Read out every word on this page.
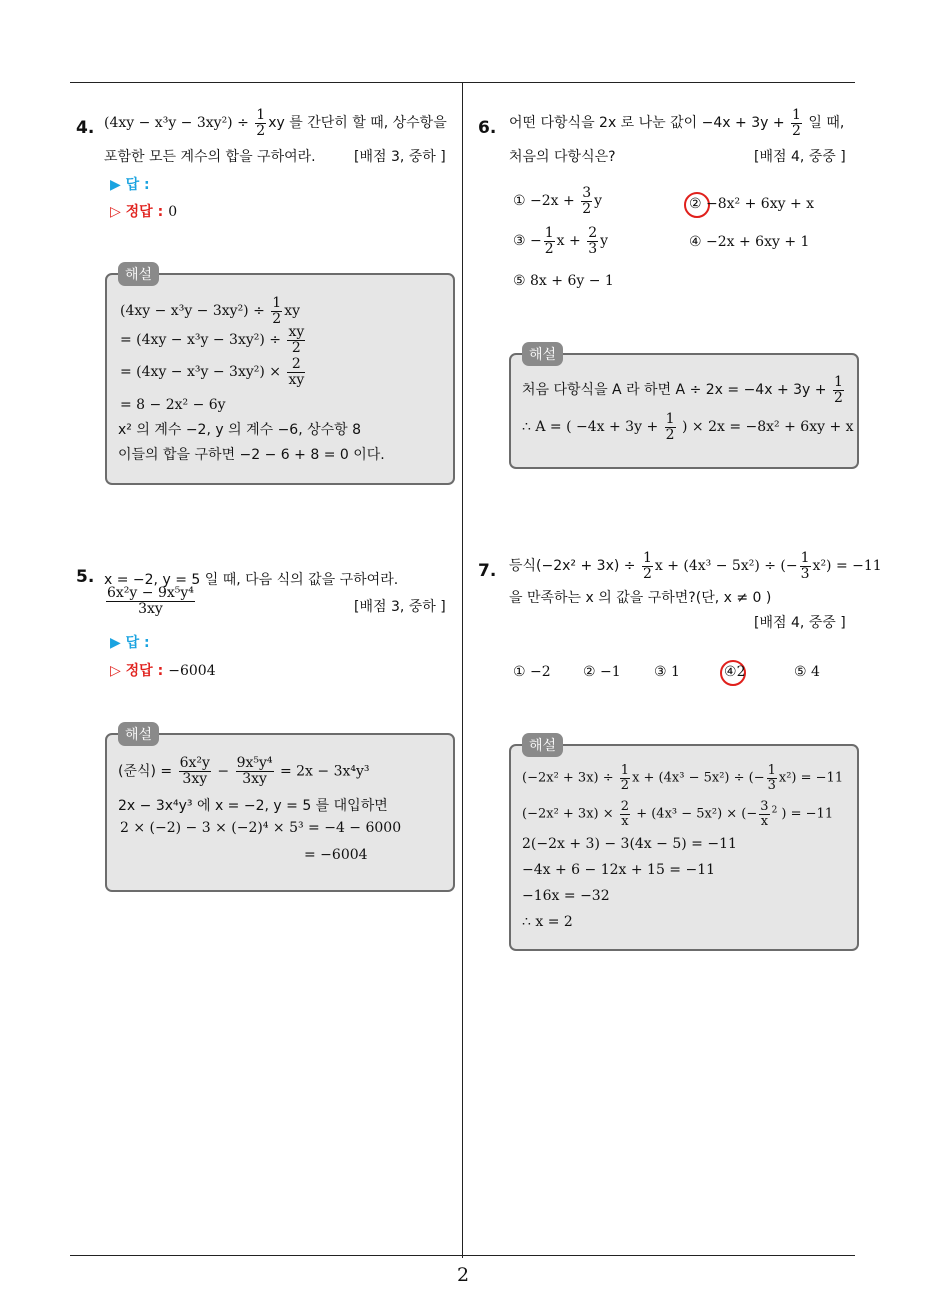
2
4. $(4xy - x^3y - 3xy^2) \div \frac{1}{2}$ xy 를 간단히 할 때, 상수항을
포함한 모든 계수의 합을 구하여라.	[배점 3, 중하 ]
▶ 답 :
▷ 정답 : 0
해설
$(4xy - x^3y - 3xy^2) \div \frac{1}{2}$ xy
= $(4xy - x^3y - 3xy^2) \div \frac{xy}{2}$
= $(4xy - x^3y - 3xy^2) \times \frac{2}{xy}$
= 8 − 2x² − 6y
x² 의 계수 −2, y 의 계수 −6, 상수항 8
이들의 합을 구하면 −2 − 6 + 8 = 0 이다.
5. x = −2, y = 5 일 때, 다음 식의 값을 구하여라.
$\frac{\text{6x²y − 9x⁵y⁴}}{3xy}$	[배점 3, 중하 ]
▶ 답 :
▷ 정답 : −6004
해설
(준식) = $\frac{\text{6x²y}}{3xy} - \frac{\text{9x⁵y⁴}}{3xy} = 2x - 3x^4y^3$
2x − 3x⁴y³ 에 x = −2, y = 5 를 대입하면
2 × (−2) − 3 × (−2)⁴ × 5³ = −4 − 6000
= −6004
6. 어떤 다항식을 2x 로 나눈 값이 $-4x + 3y + \frac{1}{2}$ 일 때,
처음의 다항식은?	[배점 4, 중중 ]
① $-2x + \frac{3}{2}$ y	② −8x² + 6xy + x
③ − $\frac{1}{2}$ $x + \frac{2}{3}$ y	④ −2x + 6xy + 1
⑤ 8x + 6y − 1
해설
처음 다항식을 A 라 하면 $A \div 2x = -4x + 3y + \frac{1}{2}$
∴ A = ( $-4x + 3y + \frac{1}{2}$ ) × 2x = −8x² + 6xy + x
7. 등식$(-2x^2 + 3x) \div \frac{1}{2}$ x + (4x³ − 5x²) ÷ (− $\frac{1}{3} x^2) = -11$
을 만족하는 x 의 값을 구하면?(단, x ≠ 0 )
[배점 4, 중중 ]
① −2 ② −1 ③ 1	④2	⑤ 4
해설
$(-2x^2 + 3x) \div \frac{1}{2}$ x + (4x³ − 5x²) ÷ (− $\frac{1}{3} x^2) = -11$
$(-2x^2 + 3x) \times \frac{2}{x} + (4x^3 - 5x^2)$ × (− $\frac{3}{x} ^2$ ) = −11
2(−2x + 3) − 3(4x − 5) = −11
−4x + 6 − 12x + 15 = −11
−16x = −32
∴ x = 2
